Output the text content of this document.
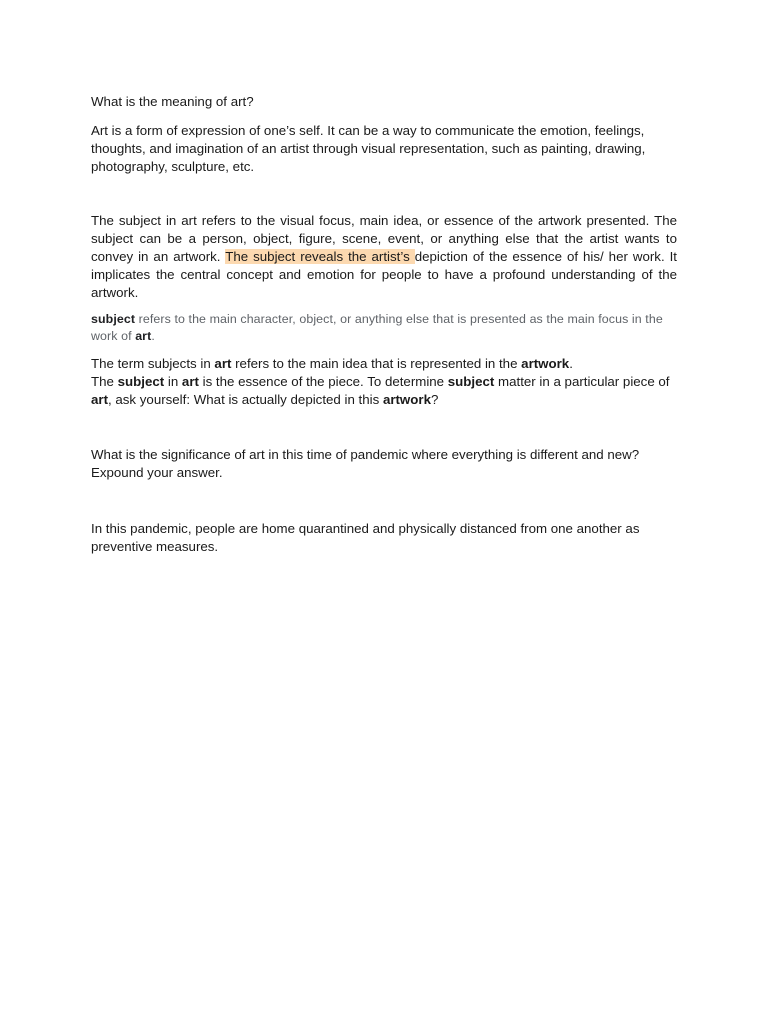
What is the meaning of art?

Art is a form of expression of one’s self. It can be a way to communicate the emotion, feelings, thoughts, and imagination of an artist through visual representation, such as painting, drawing, photography, sculpture, etc.

The subject in art refers to the visual focus, main idea, or essence of the artwork presented. The subject can be a person, object, figure, scene, event, or anything else that the artist wants to convey in an artwork. The subject reveals the artist’s depiction of the essence of his/ her work. It implicates the central concept and emotion for people to have a profound understanding of the artwork.

subject refers to the main character, object, or anything else that is presented as the main focus in the work of art.

The term subjects in art refers to the main idea that is represented in the artwork.

The subject in art is the essence of the piece. To determine subject matter in a particular piece of art, ask yourself: What is actually depicted in this artwork?

What is the significance of art in this time of pandemic where everything is different and new? Expound your answer.

In this pandemic, people are home quarantined and physically distanced from one another as preventive measures.
